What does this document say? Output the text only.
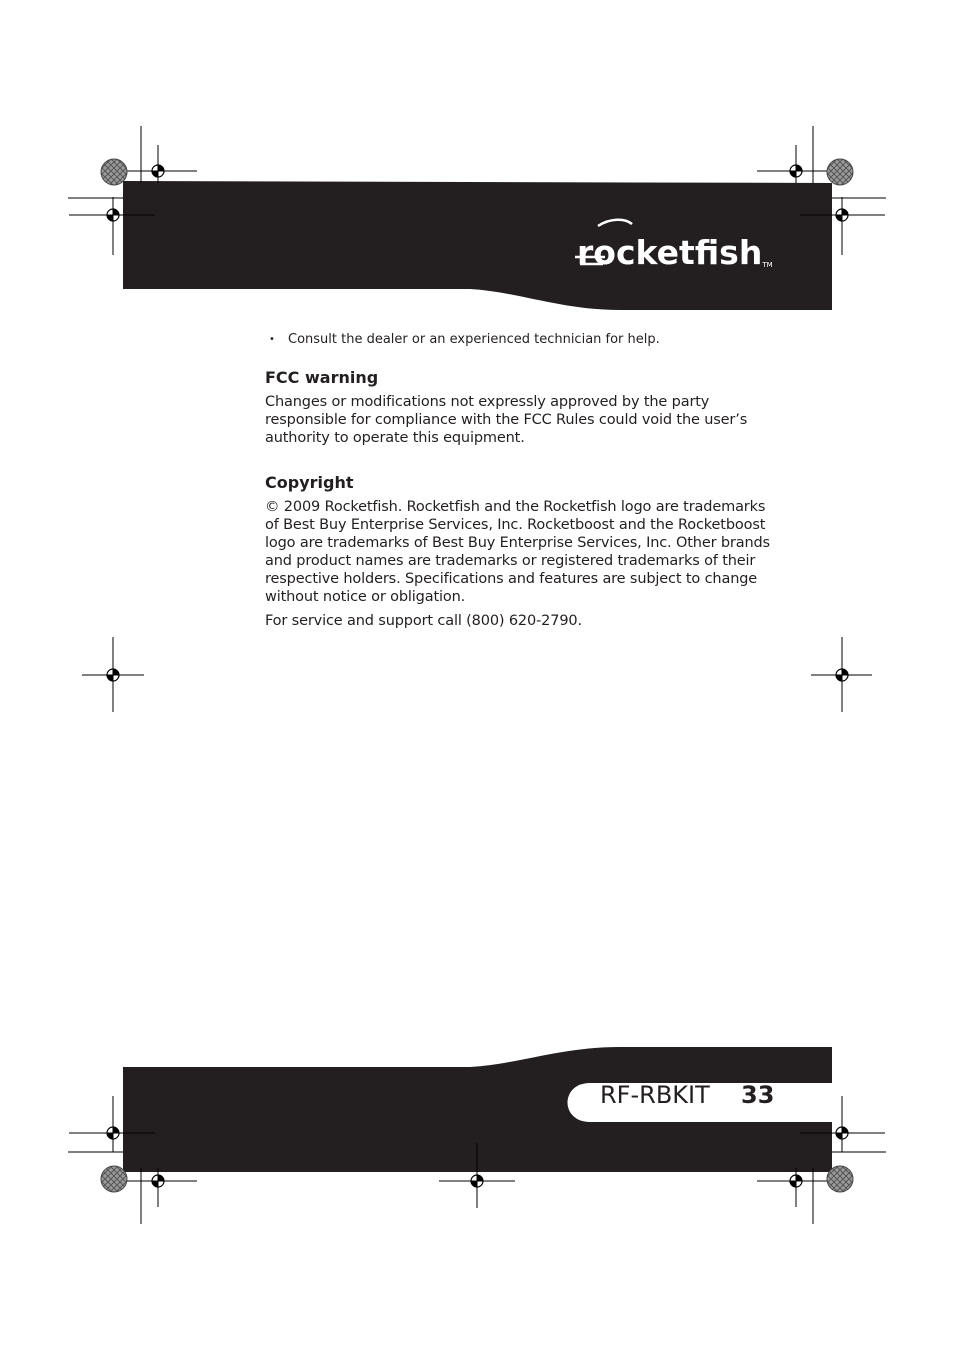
rocketfishTM
• Consult the dealer or an experienced technician for help.
FCC warning

Changes or modifications not expressly approved by the party responsible for compliance with the FCC Rules could void the user’s authority to operate this equipment.

Copyright

© 2009 Rocketfish. Rocketfish and the Rocketfish logo are trademarks of Best Buy Enterprise Services, Inc. Rocketboost and the Rocketboost logo are trademarks of Best Buy Enterprise Services, Inc. Other brands and product names are trademarks or registered trademarks of their respective holders. Specifications and features are subject to change without notice or obligation.

For service and support call (800) 620-2790.

RF-RBKIT 33
